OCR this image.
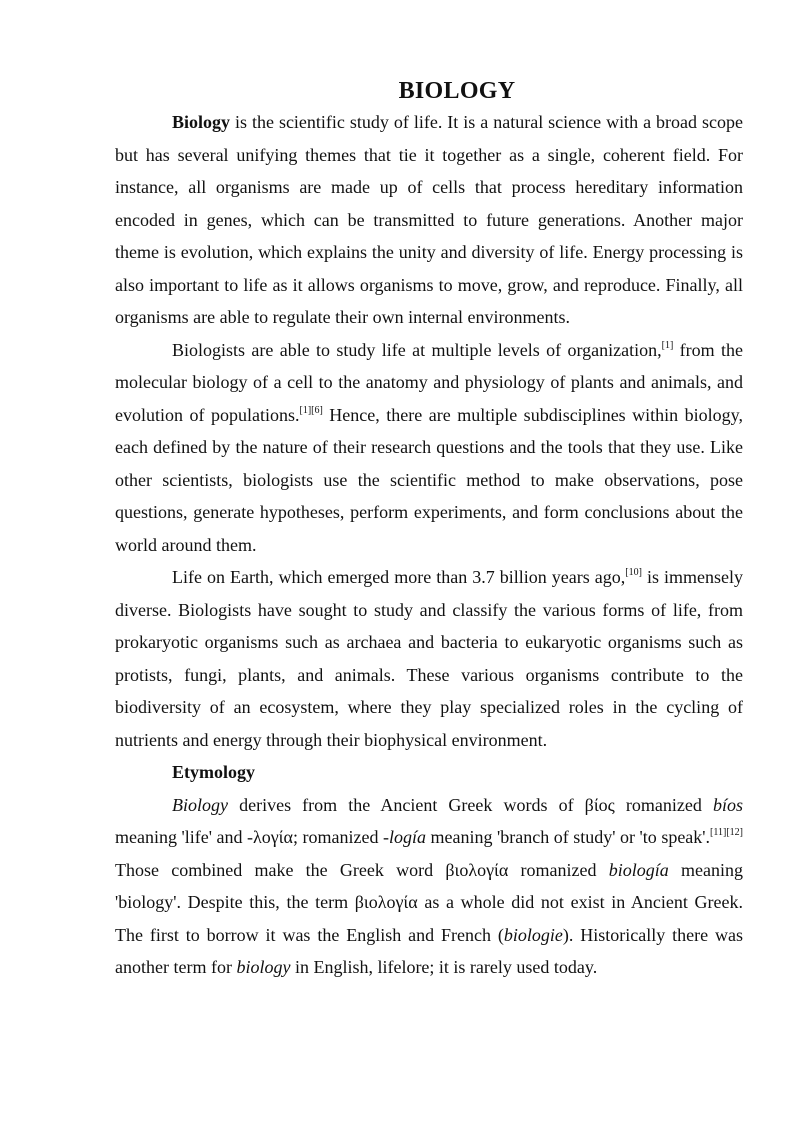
BIOLOGY

Biology is the scientific study of life. It is a natural science with a broad scope but has several unifying themes that tie it together as a single, coherent field. For instance, all organisms are made up of cells that process hereditary information encoded in genes, which can be transmitted to future generations. Another major theme is evolution, which explains the unity and diversity of life. Energy processing is also important to life as it allows organisms to move, grow, and reproduce. Finally, all organisms are able to regulate their own internal environments.

Biologists are able to study life at multiple levels of organization,[1] from the molecular biology of a cell to the anatomy and physiology of plants and animals, and evolution of populations.[1][6] Hence, there are multiple subdisciplines within biology, each defined by the nature of their research questions and the tools that they use. Like other scientists, biologists use the scientific method to make observations, pose questions, generate hypotheses, perform experiments, and form conclusions about the world around them.

Life on Earth, which emerged more than 3.7 billion years ago,[10] is immensely diverse. Biologists have sought to study and classify the various forms of life, from prokaryotic organisms such as archaea and bacteria to eukaryotic organisms such as protists, fungi, plants, and animals. These various organisms contribute to the biodiversity of an ecosystem, where they play specialized roles in the cycling of nutrients and energy through their biophysical environment.

Etymology

Biology derives from the Ancient Greek words of βίος romanized bíos meaning 'life' and -λογία; romanized -logía meaning 'branch of study' or 'to speak'.[11][12] Those combined make the Greek word βιολογία romanized biología meaning 'biology'. Despite this, the term βιολογία as a whole did not exist in Ancient Greek. The first to borrow it was the English and French (biologie). Historically there was another term for biology in English, lifelore; it is rarely used today.
